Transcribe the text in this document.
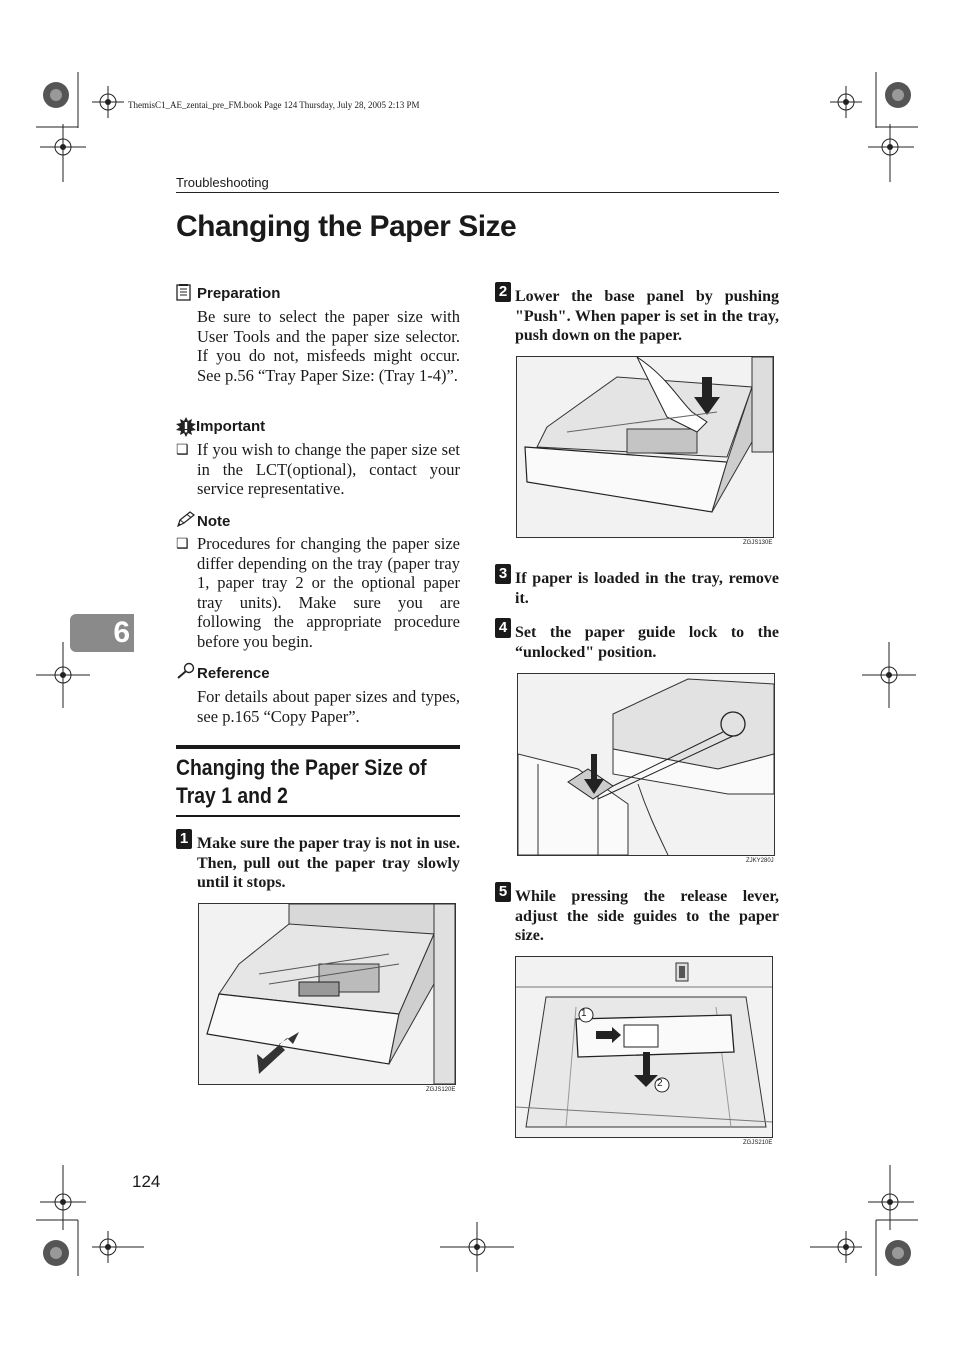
ThemisC1_AE_zentai_pre_FM.book Page 124 Thursday, July 28, 2005 2:13 PM
Troubleshooting
Changing the Paper Size
Preparation
Be sure to select the paper size with User Tools and the paper size selector. If you do not, misfeeds might occur. See p.56 “Tray Paper Size: (Tray 1-4)”.
Important
❑ If you wish to change the paper size set in the LCT(optional), contact your service representative.
Note
❑ Procedures for changing the paper size differ depending on the tray (paper tray 1, paper tray 2 or the optional paper tray units). Make sure you are following the appropriate procedure before you begin.
Reference
For details about paper sizes and types, see p.165 “Copy Paper”.
Changing the Paper Size of
Tray 1 and 2
1 Make sure the paper tray is not in use. Then, pull out the paper tray slowly until it stops.
ZGJS120E
2 Lower the base panel by pushing "Push". When paper is set in the tray, push down on the paper.
ZGJS130E
3 If paper is loaded in the tray, remove it.
4 Set the paper guide lock to the “unlocked" position.
ZJKY280J
5 While pressing the release lever, adjust the side guides to the paper size.
1
2
ZGJS210E
6
124
